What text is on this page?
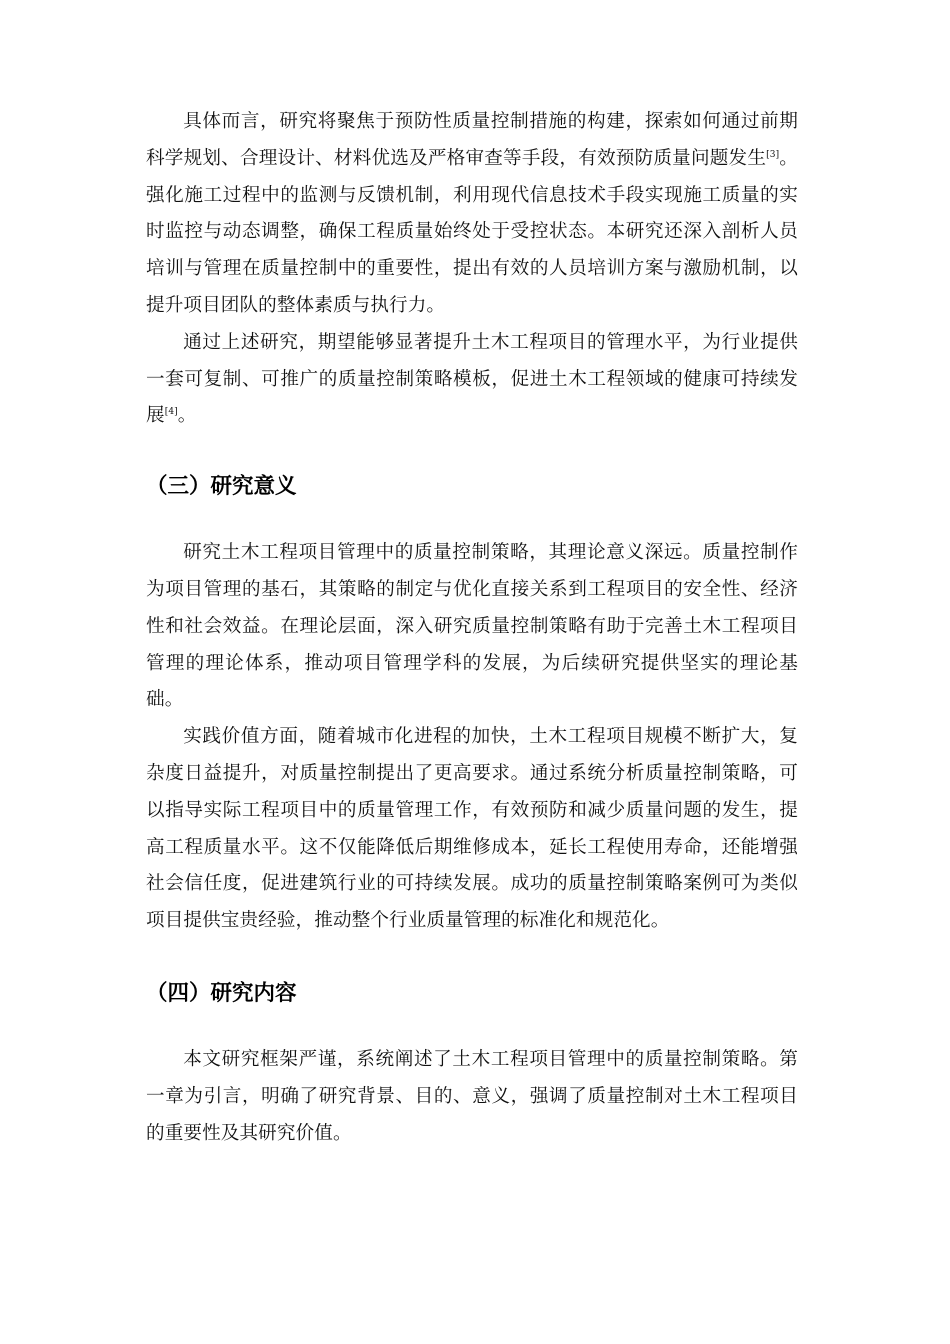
具体而言，研究将聚焦于预防性质量控制措施的构建，探索如何通过前期科学规划、合理设计、材料优选及严格审查等手段，有效预防质量问题发生[3]。强化施工过程中的监测与反馈机制，利用现代信息技术手段实现施工质量的实时监控与动态调整，确保工程质量始终处于受控状态。本研究还深入剖析人员培训与管理在质量控制中的重要性，提出有效的人员培训方案与激励机制，以提升项目团队的整体素质与执行力。

通过上述研究，期望能够显著提升土木工程项目的管理水平，为行业提供一套可复制、可推广的质量控制策略模板，促进土木工程领域的健康可持续发展[4]。

（三）研究意义

研究土木工程项目管理中的质量控制策略，其理论意义深远。质量控制作为项目管理的基石，其策略的制定与优化直接关系到工程项目的安全性、经济性和社会效益。在理论层面，深入研究质量控制策略有助于完善土木工程项目管理的理论体系，推动项目管理学科的发展，为后续研究提供坚实的理论基础。

实践价值方面，随着城市化进程的加快，土木工程项目规模不断扩大，复杂度日益提升，对质量控制提出了更高要求。通过系统分析质量控制策略，可以指导实际工程项目中的质量管理工作，有效预防和减少质量问题的发生，提高工程质量水平。这不仅能降低后期维修成本，延长工程使用寿命，还能增强社会信任度，促进建筑行业的可持续发展。成功的质量控制策略案例可为类似项目提供宝贵经验，推动整个行业质量管理的标准化和规范化。

（四）研究内容

本文研究框架严谨，系统阐述了土木工程项目管理中的质量控制策略。第一章为引言，明确了研究背景、目的、意义，强调了质量控制对土木工程项目的重要性及其研究价值。
